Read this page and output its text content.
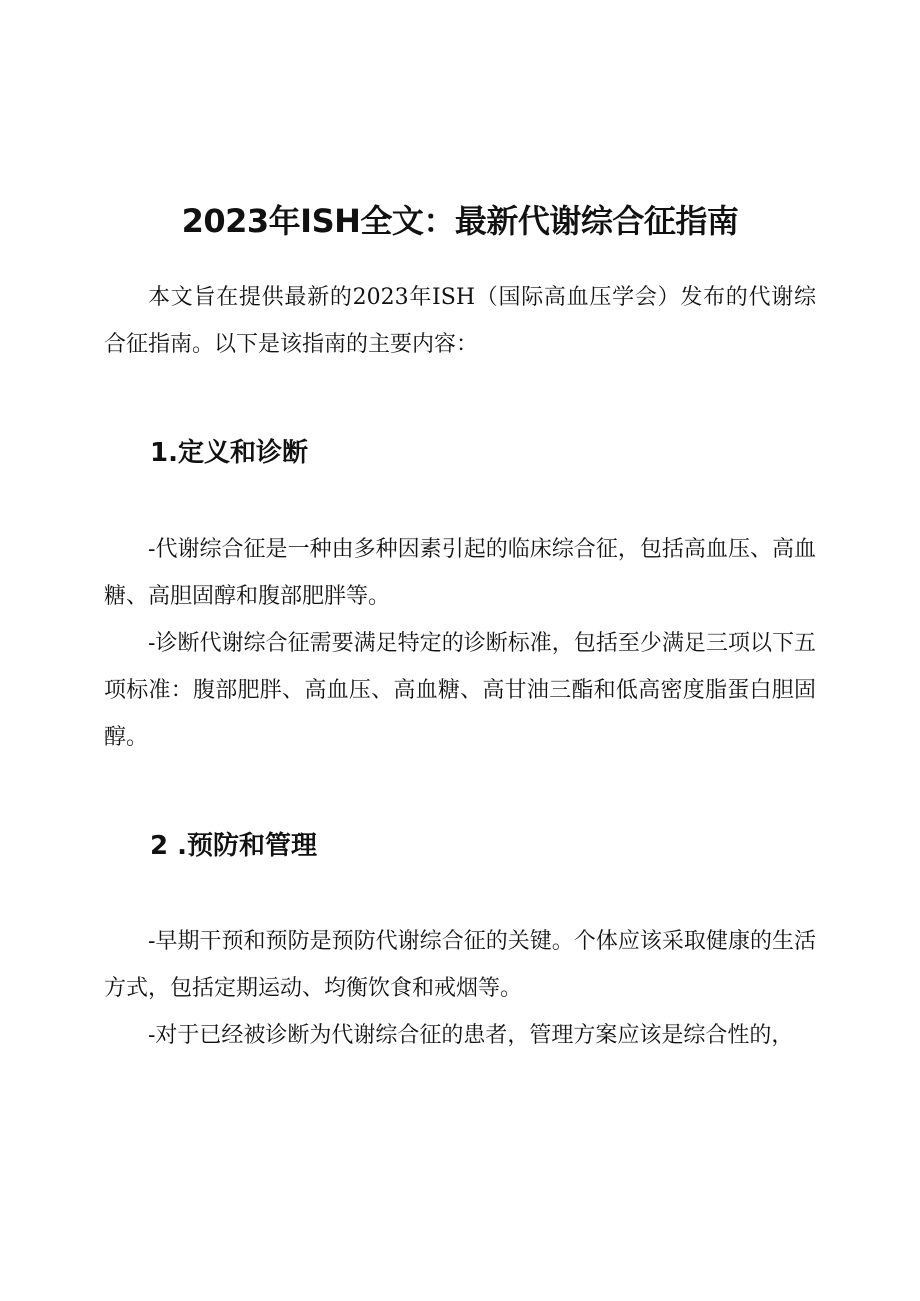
2023年ISH全文：最新代谢综合征指南

本文旨在提供最新的2023年ISH（国际高血压学会）发布的代谢综合征指南。以下是该指南的主要内容：

1.定义和诊断

-代谢综合征是一种由多种因素引起的临床综合征，包括高血压、高血糖、高胆固醇和腹部肥胖等。

-诊断代谢综合征需要满足特定的诊断标准，包括至少满足三项以下五项标准：腹部肥胖、高血压、高血糖、高甘油三酯和低高密度脂蛋白胆固醇。

2 .预防和管理

-早期干预和预防是预防代谢综合征的关键。个体应该采取健康的生活方式，包括定期运动、均衡饮食和戒烟等。

-对于已经被诊断为代谢综合征的患者，管理方案应该是综合性的，
